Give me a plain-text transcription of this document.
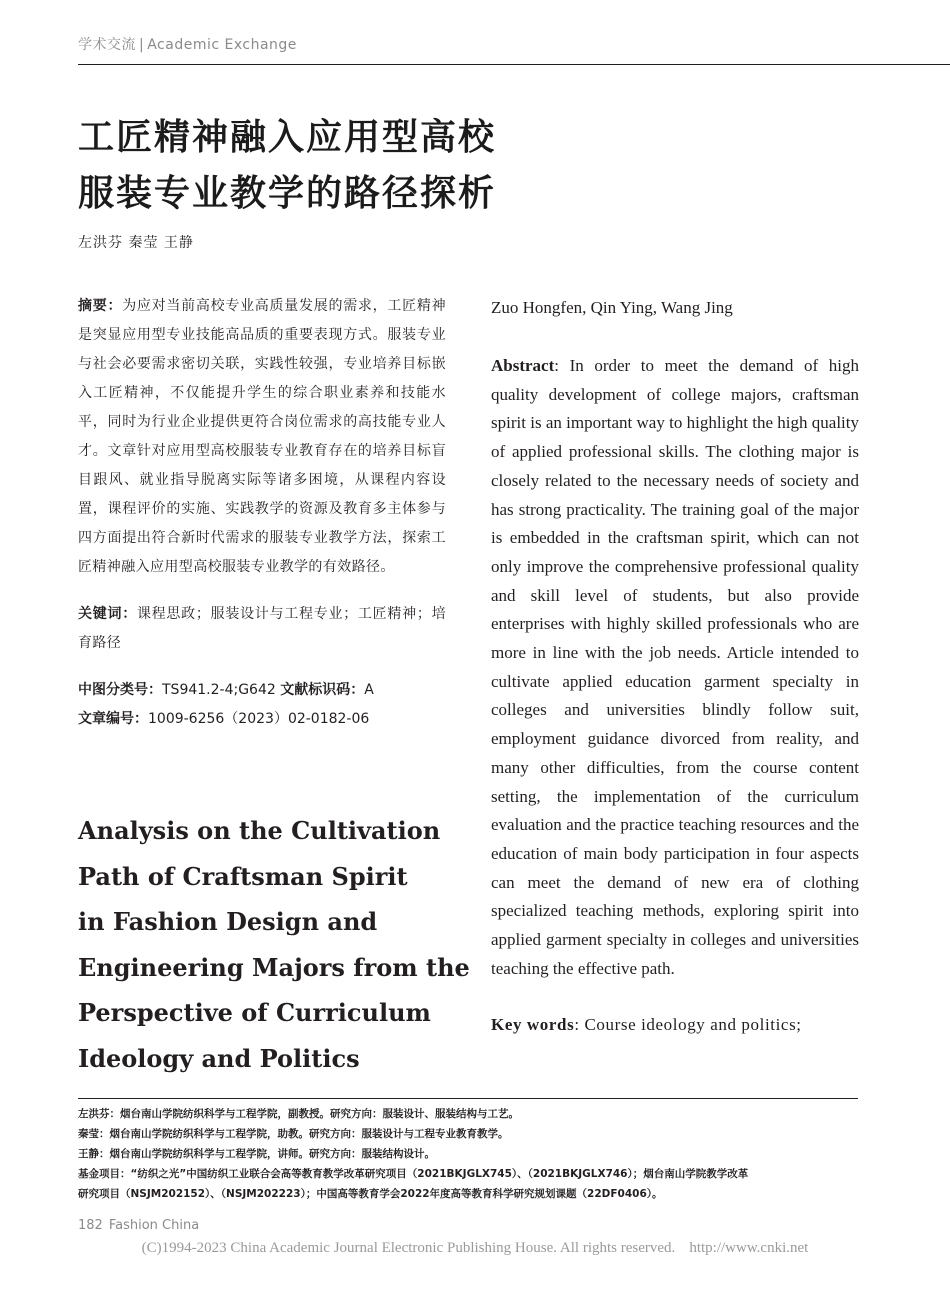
学术交流 | Academic Exchange
工匠精神融入应用型高校
服装专业教学的路径探析
左洪芬 秦莹 王静

摘要：为应对当前高校专业高质量发展的需求，工匠精神是突显应用型专业技能高品质的重要表现方式。服装专业与社会必要需求密切关联，实践性较强，专业培养目标嵌入工匠精神，不仅能提升学生的综合职业素养和技能水平，同时为行业企业提供更符合岗位需求的高技能专业人才。文章针对应用型高校服装专业教育存在的培养目标盲目跟风、就业指导脱离实际等诸多困境，从课程内容设置，课程评价的实施、实践教学的资源及教育多主体参与四方面提出符合新时代需求的服装专业教学方法，探索工匠精神融入应用型高校服装专业教学的有效路径。

关键词：课程思政；服装设计与工程专业；工匠精神；培育路径

中图分类号：TS941.2-4;G642 文献标识码：A
文章编号：1009-6256（2023）02-0182-06
Analysis on the Cultivation
Path of Craftsman Spirit
in Fashion Design and
Engineering Majors from the
Perspective of Curriculum
Ideology and Politics

Zuo Hongfen, Qin Ying, Wang Jing

Abstract: In order to meet the demand of high quality development of college majors, craftsman spirit is an important way to highlight the high quality of applied professional skills. The clothing major is closely related to the necessary needs of society and has strong practicality. The training goal of the major is embedded in the craftsman spirit, which can not only improve the comprehensive professional quality and skill level of students, but also provide enterprises with highly skilled professionals who are more in line with the job needs. Article intended to cultivate applied education garment specialty in colleges and universities blindly follow suit, employment guidance divorced from reality, and many other difficulties, from the course content setting, the implementation of the curriculum evaluation and the practice teaching resources and the education of main body participation in four aspects can meet the demand of new era of clothing specialized teaching methods, exploring spirit into applied garment specialty in colleges and universities teaching the effective path.

Key words: Course ideology and politics;

左洪芬：烟台南山学院纺织科学与工程学院，副教授。研究方向：服装设计、服装结构与工艺。

秦莹：烟台南山学院纺织科学与工程学院，助教。研究方向：服装设计与工程专业教育教学。

王静：烟台南山学院纺织科学与工程学院，讲师。研究方向：服装结构设计。

基金项目：“纺织之光”中国纺织工业联合会高等教育教学改革研究项目（2021BKJGLX745）、（2021BKJGLX746）；烟台南山学院教学改革

研究项目（NSJM202152）、（NSJM202223）；中国高等教育学会2022年度高等教育科学研究规划课题（22DF0406）。

182 Fashion China
(C)1994-2023 China Academic Journal Electronic Publishing House. All rights reserved. http://www.cnki.net
